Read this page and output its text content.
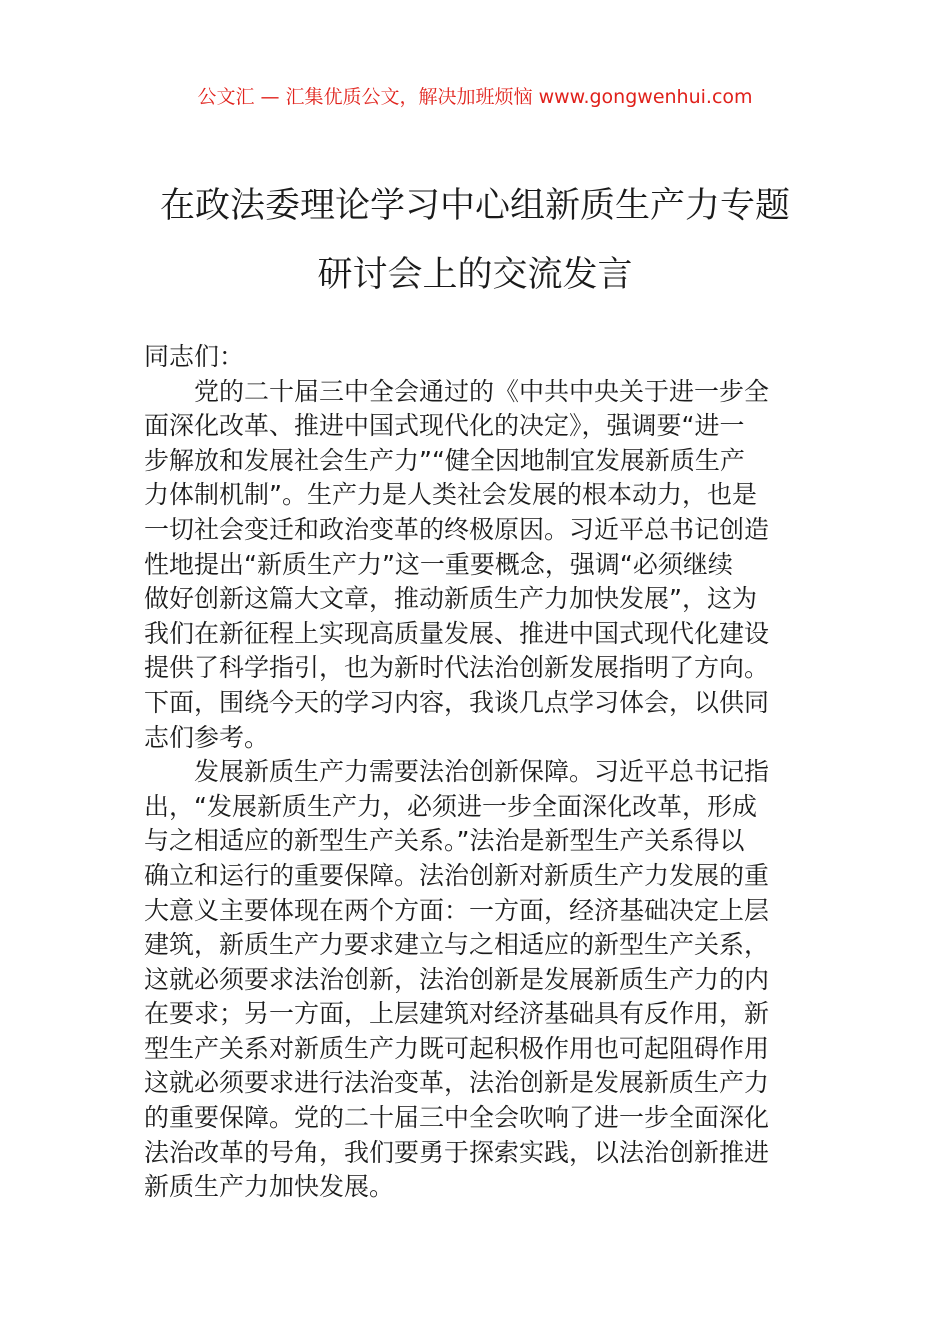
公文汇 — 汇集优质公文，解决加班烦恼 www.gongwenhui.com
在政法委理论学习中心组新质生产力专题
研讨会上的交流发言

同志们：

党的二十届三中全会通过的《中共中央关于进一步全
面深化改革、推进中国式现代化的决定》，强调要“进一
步解放和发展社会生产力”“健全因地制宜发展新质生产
力体制机制”。生产力是人类社会发展的根本动力，也是
一切社会变迁和政治变革的终极原因。习近平总书记创造
性地提出“新质生产力”这一重要概念，强调“必须继续
做好创新这篇大文章，推动新质生产力加快发展”，这为
我们在新征程上实现高质量发展、推进中国式现代化建设
提供了科学指引，也为新时代法治创新发展指明了方向。
下面，围绕今天的学习内容，我谈几点学习体会，以供同
志们参考。

发展新质生产力需要法治创新保障。习近平总书记指
出，“发展新质生产力，必须进一步全面深化改革，形成
与之相适应的新型生产关系。”法治是新型生产关系得以
确立和运行的重要保障。法治创新对新质生产力发展的重
大意义主要体现在两个方面：一方面，经济基础决定上层
建筑，新质生产力要求建立与之相适应的新型生产关系，
这就必须要求法治创新，法治创新是发展新质生产力的内
在要求；另一方面，上层建筑对经济基础具有反作用，新
型生产关系对新质生产力既可起积极作用也可起阻碍作用
这就必须要求进行法治变革，法治创新是发展新质生产力
的重要保障。党的二十届三中全会吹响了进一步全面深化
法治改革的号角，我们要勇于探索实践，以法治创新推进
新质生产力加快发展。
